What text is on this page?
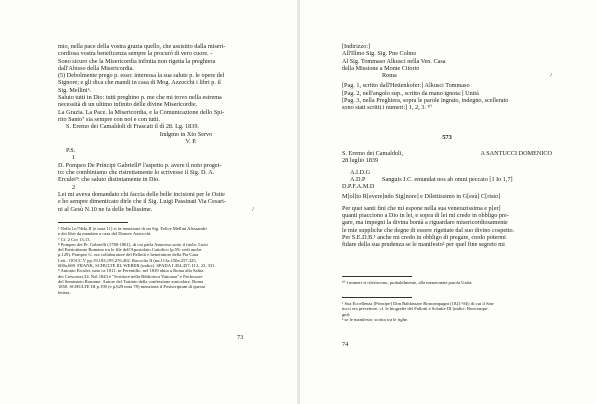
mio, nella pace della vostra grazia quello, che assistito dalla miseri-
cordiosa vostra beneficenza sempre la procurò di vero cuore. -
Sono sicuro che la Misericordia infinita non rigetta la preghiera
dall'Abisso della Misericordia.
(5) Debolmente prego p. esso: interessa la sua salute p. le opere del
Signore; e gli dica che mandi in casa di Mog. Azzocchi i libri p. il
Sig. Mellini⁶.
Saluto tutti in Dio: tutti preghino p. me che mi trovo nella estrema
necessità di un ultimo infinito delle divine Misericordie.
La Grazia. La Pace. la Misericordia, e la Comunicazione dello Spi-
rito Santo⁷ sia sempre con noi e con tutti.
S. Eremo dei Camaldoli di Frascati il dì 28. Lg. 1839.
Indgmo in Xto Servo
V. P.
P.S.
1
D. Pompeo De Principi Gabrielli⁸ l'aspetto p. avere il noto proget-
to: che combiniamo che ristrettamente lo scrivesse il Sig. D. A.
Erculei⁹: che saluto distintamente in Dio.
2
Lei mi aveva domandato chi faccia delle belle incisioni per le Ostie
e ho sempre dimenticato dirle che il Sig. Luigi Passinati Via Cesari-
ni al Gesù N.10 ne fa delle bellissime.	/
⁶ Nella l.n°564a II (e nota 11) si fa menzione di un Sig. Felice Mellini Alessandri
e dei libri da mandare a casa del Donore Azzocchi.
⁷ Cf. 2 Cor 13,13.
⁸ Pompeo dei Pr. Gabrielli (1780-1861), di cui parla Amoroso sotto il titolo: Luisi
del Patriottismo Romano tra le file dell'Apostolato Cattolico (p.59; vedi anche
p.129). Pompeo G. era collaboratore del Pallotti e benefattore della Pia Casa
Lett.: OOCC V pp.19,183,195,276,402. Raccolta II (nn.113a,150a,257,325,
600a,669. FRANK, SCHULTE III, WEBER (indici). SPADA I 454,457; II 2, 23, 331.
⁹ Antonio Erculei, nato ca 1811, in Ferentillo, nel 1839 abita a Roma alla Salita
dei Crescenzi,34. Nel 1843 è "Scrittore nella Biblioteca Vaticana" e Professore
del Seminario Romano. Autore del Trattato della confessione auricolare, Roma
1850. SCHULTE III p.190 (e p.629 nota 78) menziona il Postscriptum di questa
lettera.
73
[Indirizzo:]
All'Illmo Sig. Sig. Pne Colmo
Al Sig. Tommaso Alkusci nella Ven. Casa
della Missione a Monte Citorio
Roma	/
[Pag. 1, scritto dall'Hettenkofer:] Alkusci Tommaso
[Pag. 2, nell'angolo sup., scritto da mano ignota:] Unità
[Pag. 3, nella Preghiera, sopra le parole ingrato, indegno, scellerato
sono stati scritti i numeri:] 1, 2, 3. ¹⁰
573
S. Eremo dei Camaldoli,	A SANTUCCI DOMENICO
28 luglio 1839
A.I.D.G
A.D.P	Sanguis J.C. emundat nos ab omni peccato [1 Io 1,7]
D.P.F.A.M.D
M[ol]to R[evere]ndo Sig[nore] e Dilettissimo in G[esù] C[risto]
Per quei santi fini che mi espone nella sua venerazissima e p[er]
quanti piacciono a Dio in lei, e sopra di lei mi credo in obbligo pre-
gare, ma impegni la divina bontà a riguardare misericordiosamente
le mie suppliche che degne di essere rigettate dal suo divino cospetto.
Per S.E.D.B.¹ anche mi credo in obbligo di pregare, credo potermi
fidare della sua prudenza se le manifesto² per quel fine segreto mi
¹⁰ I numeri si riferiscono, probabilmente, alla menzionata parola Unità.
¹ Sua Eccellenza [Principe] Don Baldassare Boncompagni (1821-94): di cui il San-
tucci era precettore, cf. le biografie del Pallotti e Schulte III (indici: Boncompa-
gni).
² se le manifesto: scritto tra le righe.
74
